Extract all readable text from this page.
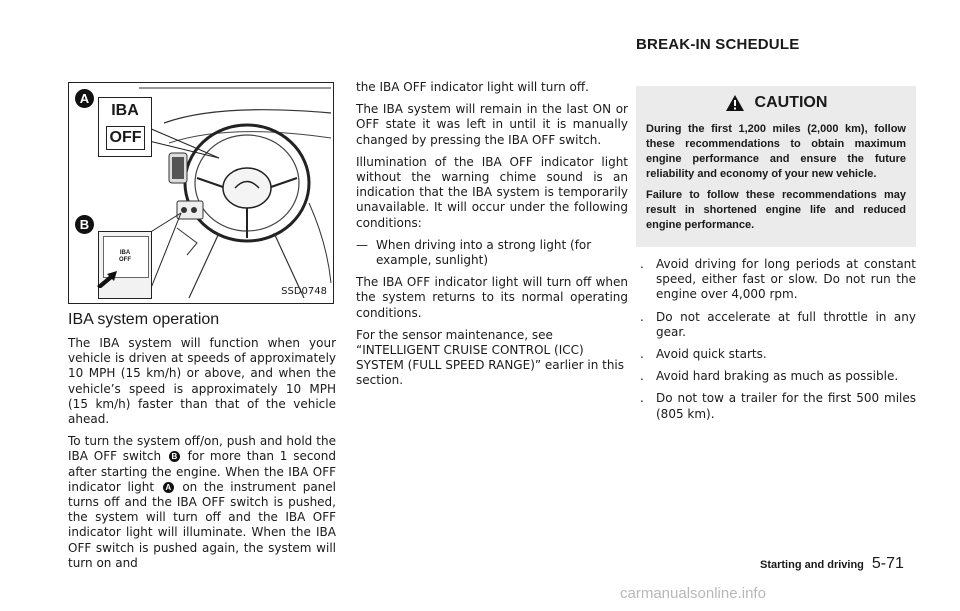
BREAK-IN SCHEDULE
A
IBA
OFF
B
IBA
OFF
SSD0748
IBA system operation

The IBA system will function when your vehicle is driven at speeds of approximately 10 MPH (15 km/h) or above, and when the vehicle’s speed is approximately 10 MPH (15 km/h) faster than that of the vehicle ahead.

To turn the system off/on, push and hold the IBA OFF switch B for more than 1 second after starting the engine. When the IBA OFF indicator light A on the instrument panel turns off and the IBA OFF switch is pushed, the system will turn off and the IBA OFF indicator light will illuminate. When the IBA OFF switch is pushed again, the system will turn on and

the IBA OFF indicator light will turn off.

The IBA system will remain in the last ON or OFF state it was left in until it is manually changed by pressing the IBA OFF switch.

Illumination of the IBA OFF indicator light without the warning chime sound is an indication that the IBA system is temporarily unavailable. It will occur under the following conditions:

— When driving into a strong light (for example, sunlight)

The IBA OFF indicator light will turn off when the system returns to its normal operating conditions.

For the sensor maintenance, see “INTELLIGENT CRUISE CONTROL (ICC) SYSTEM (FULL SPEED RANGE)” earlier in this section.

CAUTION

During the first 1,200 miles (2,000 km), follow these recommendations to obtain maximum engine performance and ensure the future reliability and economy of your new vehicle.

Failure to follow these recommendations may result in shortened engine life and reduced engine performance.

. Avoid driving for long periods at constant speed, either fast or slow. Do not run the engine over 4,000 rpm.
. Do not accelerate at full throttle in any gear.
. Avoid quick starts.
. Avoid hard braking as much as possible.
. Do not tow a trailer for the first 500 miles (805 km).
Starting and driving 5-71
carmanualsonline.info
